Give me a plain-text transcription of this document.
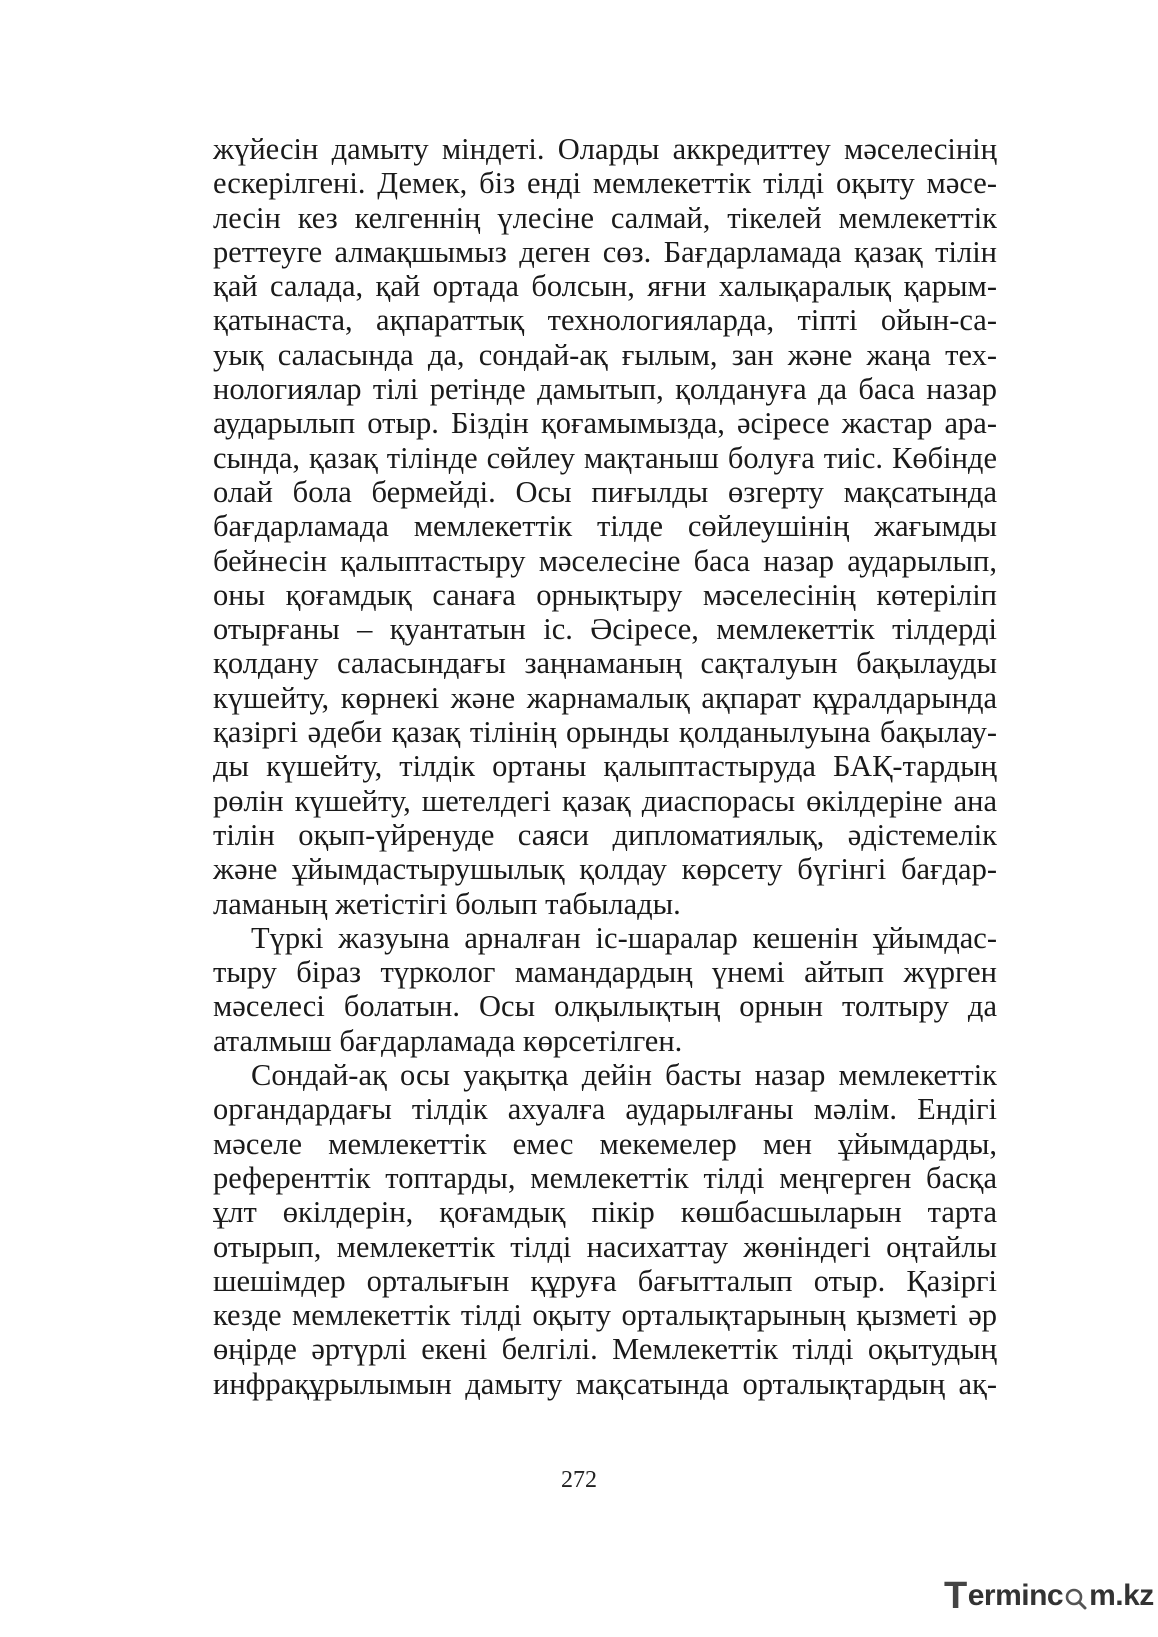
жүйесін дамыту міндеті. Оларды аккредиттеу мәселесінің
ескерілгені. Демек, біз енді мемлекеттік тілді оқыту мәсе-
лесін кез келгеннің үлесіне салмай, тікелей мемлекеттік
реттеуге алмақшымыз деген сөз. Бағдарламада қазақ тілін
қай салада, қай ортада болсын, яғни халықаралық қарым-
қатынаста, ақпараттық технологияларда, тіпті ойын-са-
уық саласында да, сондай-ақ ғылым, зан және жаңа тех-
нологиялар тілі ретінде дамытып, қолдануға да баса назар
аударылып отыр. Біздін қоғамымызда, әсіресе жастар ара-
сында, қазақ тілінде сөйлеу мақтаныш болуға тиіс. Көбінде
олай бола бермейді. Осы пиғылды өзгерту мақсатында
бағдарламада мемлекеттік тілде сөйлеушінің жағымды
бейнесін қалыптастыру мәселесіне баса назар аударылып,
оны қоғамдық санаға орнықтыру мәселесінің көтеріліп
отырғаны – қуантатын іс. Әсіресе, мемлекеттік тілдерді
қолдану саласындағы заңнаманың сақталуын бақылауды
күшейту, көрнекі және жарнамалық ақпарат құралдарында
қазіргі әдеби қазақ тілінің орынды қолданылуына бақылау-
ды күшейту, тілдік ортаны қалыптастыруда БАҚ-тардың
рөлін күшейту, шетелдегі қазақ диаспорасы өкілдеріне ана
тілін оқып-үйренуде саяси дипломатиялық, әдістемелік
және ұйымдастырушылық қолдау көрсету бүгінгі бағдар-
ламаның жетістігі болып табылады.
Түркі жазуына арналған іс-шаралар кешенін ұйымдас-
тыру біраз түрколог мамандардың үнемі айтып жүрген
мәселесі болатын. Осы олқылықтың орнын толтыру да
аталмыш бағдарламада көрсетілген.
Сондай-ақ осы уақытқа дейін басты назар мемлекеттік
органдардағы тілдік ахуалға аударылғаны мәлім. Ендігі
мәселе мемлекеттік емес мекемелер мен ұйымдарды,
референттік топтарды, мемлекеттік тілді меңгерген басқа
ұлт өкілдерін, қоғамдық пікір көшбасшыларын тарта
отырып, мемлекеттік тілді насихаттау жөніндегі оңтайлы
шешімдер орталығын құруға бағытталып отыр. Қазіргі
кезде мемлекеттік тілді оқыту орталықтарының қызметі әр
өңірде әртүрлі екені белгілі. Мемлекеттік тілді оқытудың
инфрақұрылымын дамыту мақсатында орталықтардың ақ-
272
T erminc m.kz
